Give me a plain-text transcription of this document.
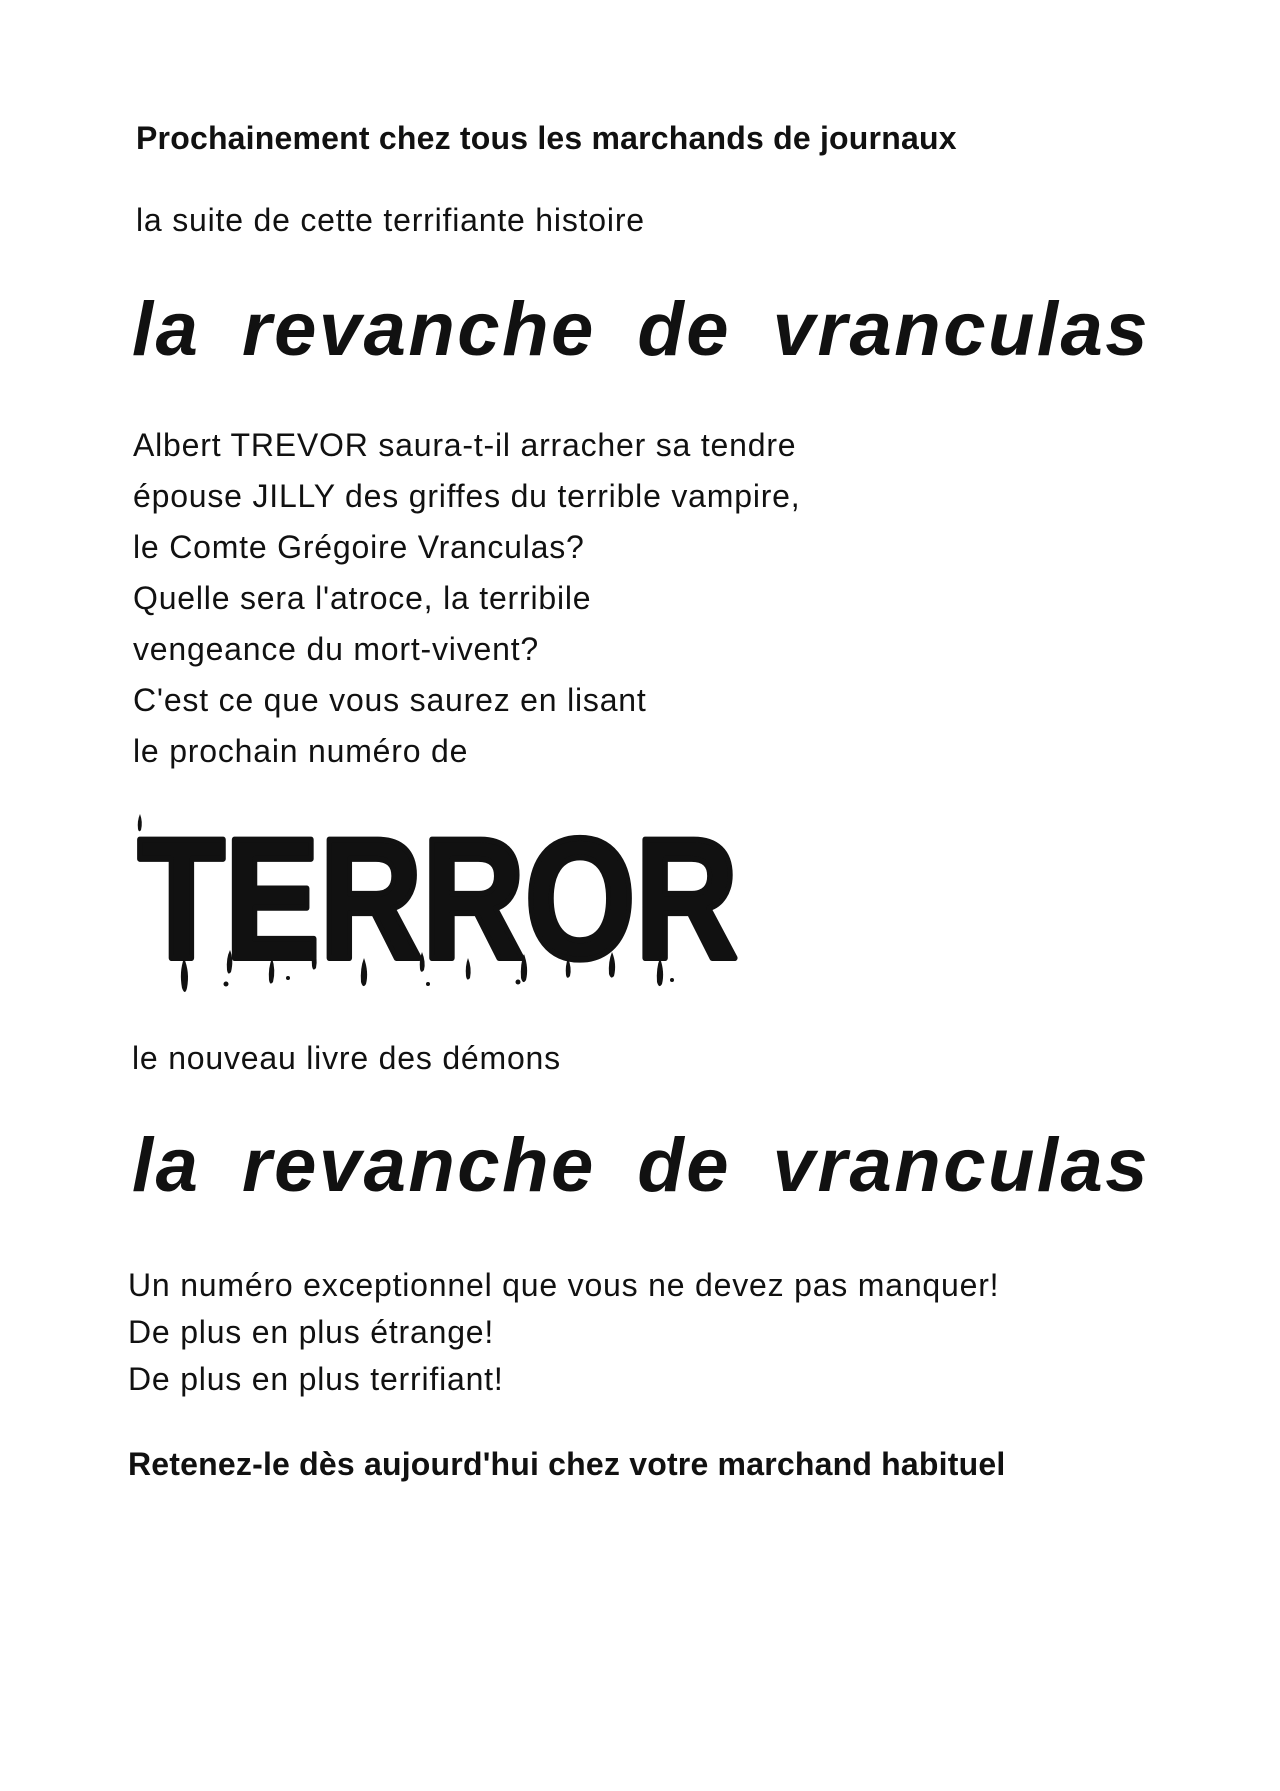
Prochainement chez tous les marchands de journaux
la suite de cette terrifiante histoire
la revanche de vranculas
Albert TREVOR saura-t-il arracher sa tendre
épouse JILLY des griffes du terrible vampire,
le Comte Grégoire Vranculas?
Quelle sera l'atroce, la terribile
vengeance du mort-vivent?
C'est ce que vous saurez en lisant
le prochain numéro de
TERROR
le nouveau livre des démons
la revanche de vranculas
Un numéro exceptionnel que vous ne devez pas manquer!
De plus en plus étrange!
De plus en plus terrifiant!
Retenez-le dès aujourd'hui chez votre marchand habituel
